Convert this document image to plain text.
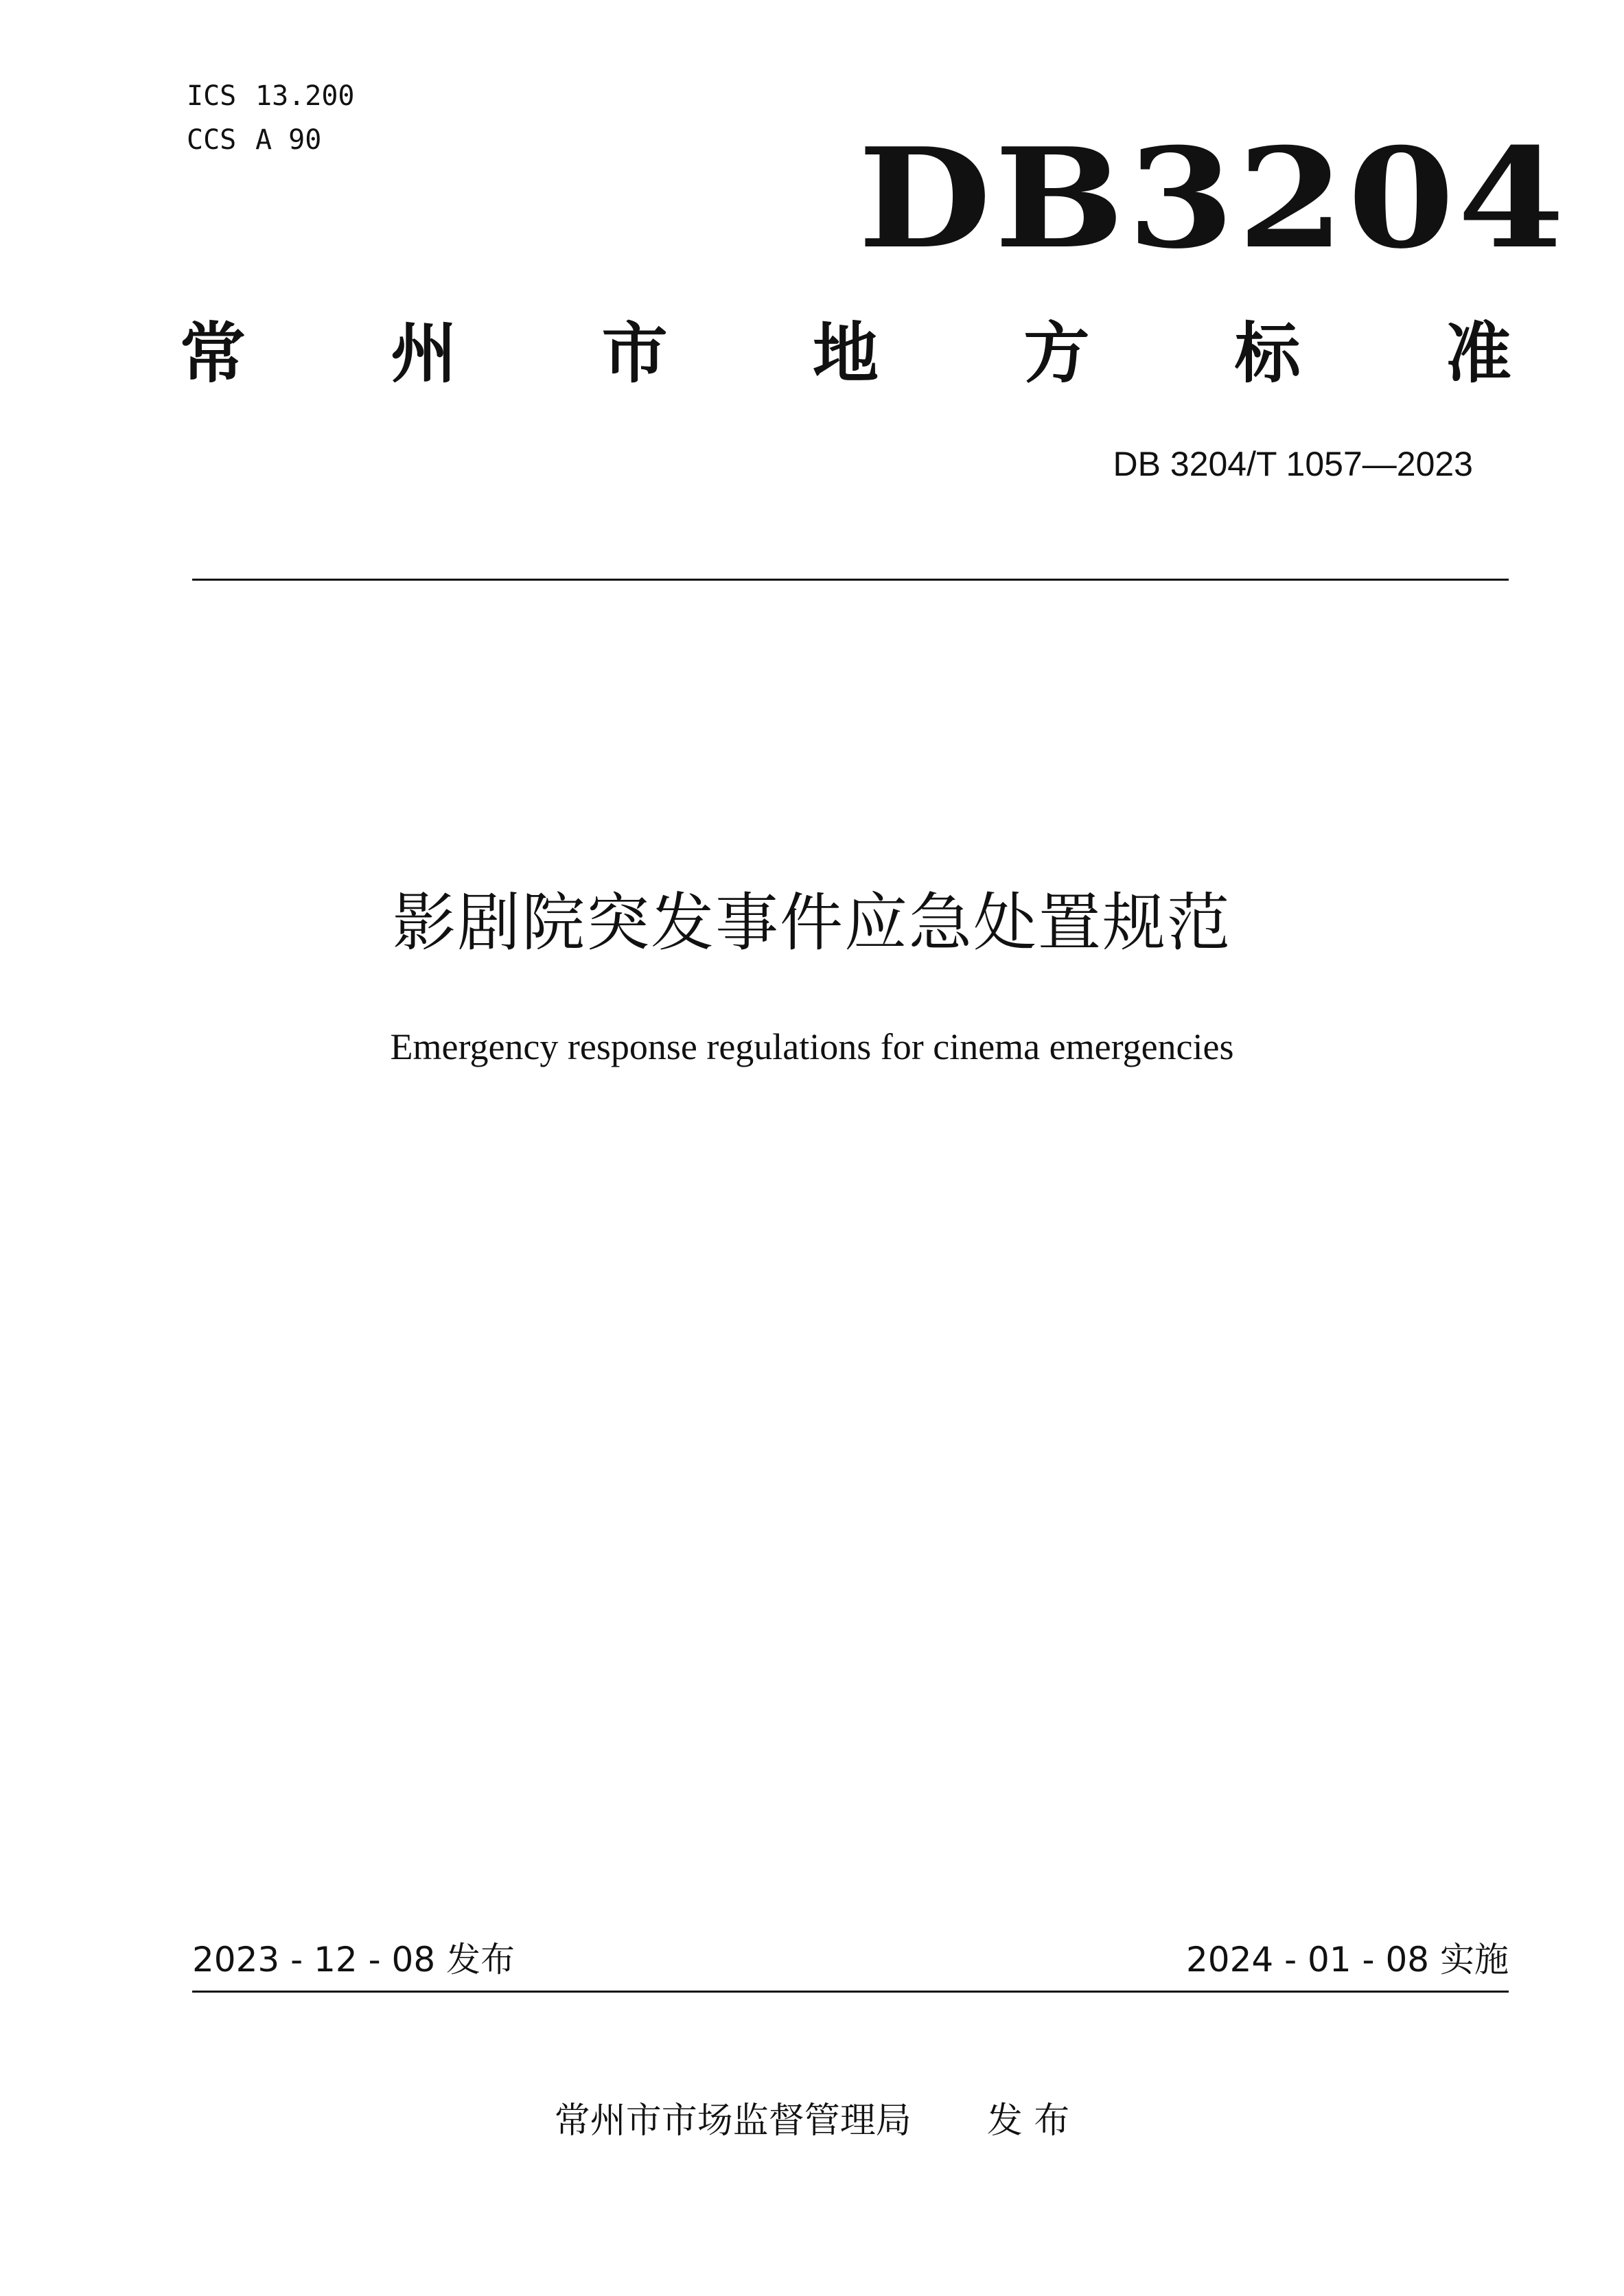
ICS 13.200
CCS A 90	DB3204
常 州 市 地 方 标 准
DB 3204/T 1057—2023
影剧院突发事件应急处置规范
Emergency response regulations for cinema emergencies
2023 - 12 - 08 发布	2024 - 01 - 08 实施
常州市市场监督管理局 发 布
